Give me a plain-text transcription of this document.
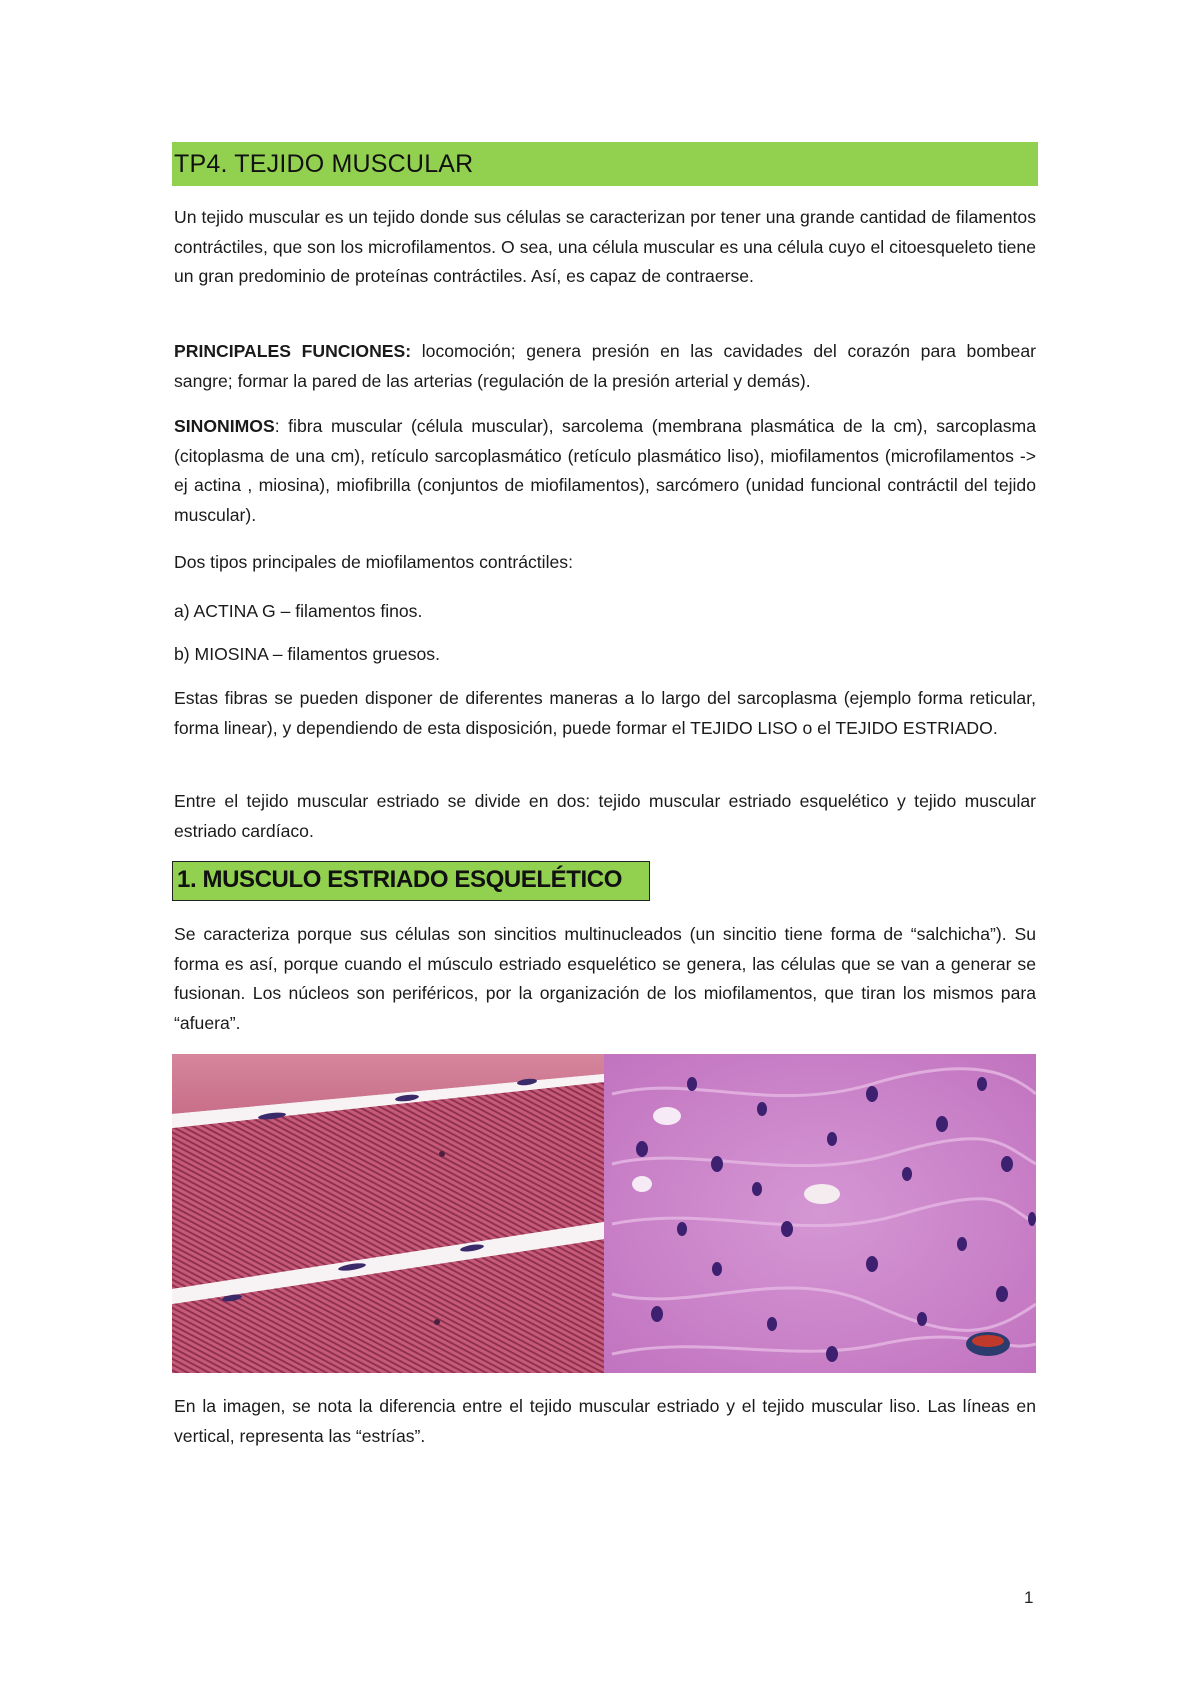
TP4. TEJIDO MUSCULAR

Un tejido muscular es un tejido donde sus células se caracterizan por tener una grande cantidad de filamentos contráctiles, que son los microfilamentos. O sea, una célula muscular es una célula cuyo el citoesqueleto tiene un gran predominio de proteínas contráctiles. Así, es capaz de contraerse.

PRINCIPALES FUNCIONES: locomoción; genera presión en las cavidades del corazón para bombear sangre; formar la pared de las arterias (regulación de la presión arterial y demás).

SINONIMOS: fibra muscular (célula muscular), sarcolema (membrana plasmática de la cm), sarcoplasma (citoplasma de una cm), retículo sarcoplasmático (retículo plasmático liso), miofilamentos (microfilamentos -> ej actina , miosina), miofibrilla (conjuntos de miofilamentos), sarcómero (unidad funcional contráctil del tejido muscular).

Dos tipos principales de miofilamentos contráctiles:

a) ACTINA G – filamentos finos.

b) MIOSINA – filamentos gruesos.

Estas fibras se pueden disponer de diferentes maneras a lo largo del sarcoplasma (ejemplo forma reticular, forma linear), y dependiendo de esta disposición, puede formar el TEJIDO LISO o el TEJIDO ESTRIADO.

Entre el tejido muscular estriado se divide en dos: tejido muscular estriado esquelético y tejido muscular estriado cardíaco.

1. MUSCULO ESTRIADO ESQUELÉTICO

Se caracteriza porque sus células son sincitios multinucleados (un sincitio tiene forma de “salchicha”). Su forma es así, porque cuando el músculo estriado esquelético se genera, las células que se van a generar se fusionan. Los núcleos son periféricos, por la organización de los miofilamentos, que tiran los mismos para “afuera”.

En la imagen, se nota la diferencia entre el tejido muscular estriado y el tejido muscular liso. Las líneas en vertical, representa las “estrías”.

1
